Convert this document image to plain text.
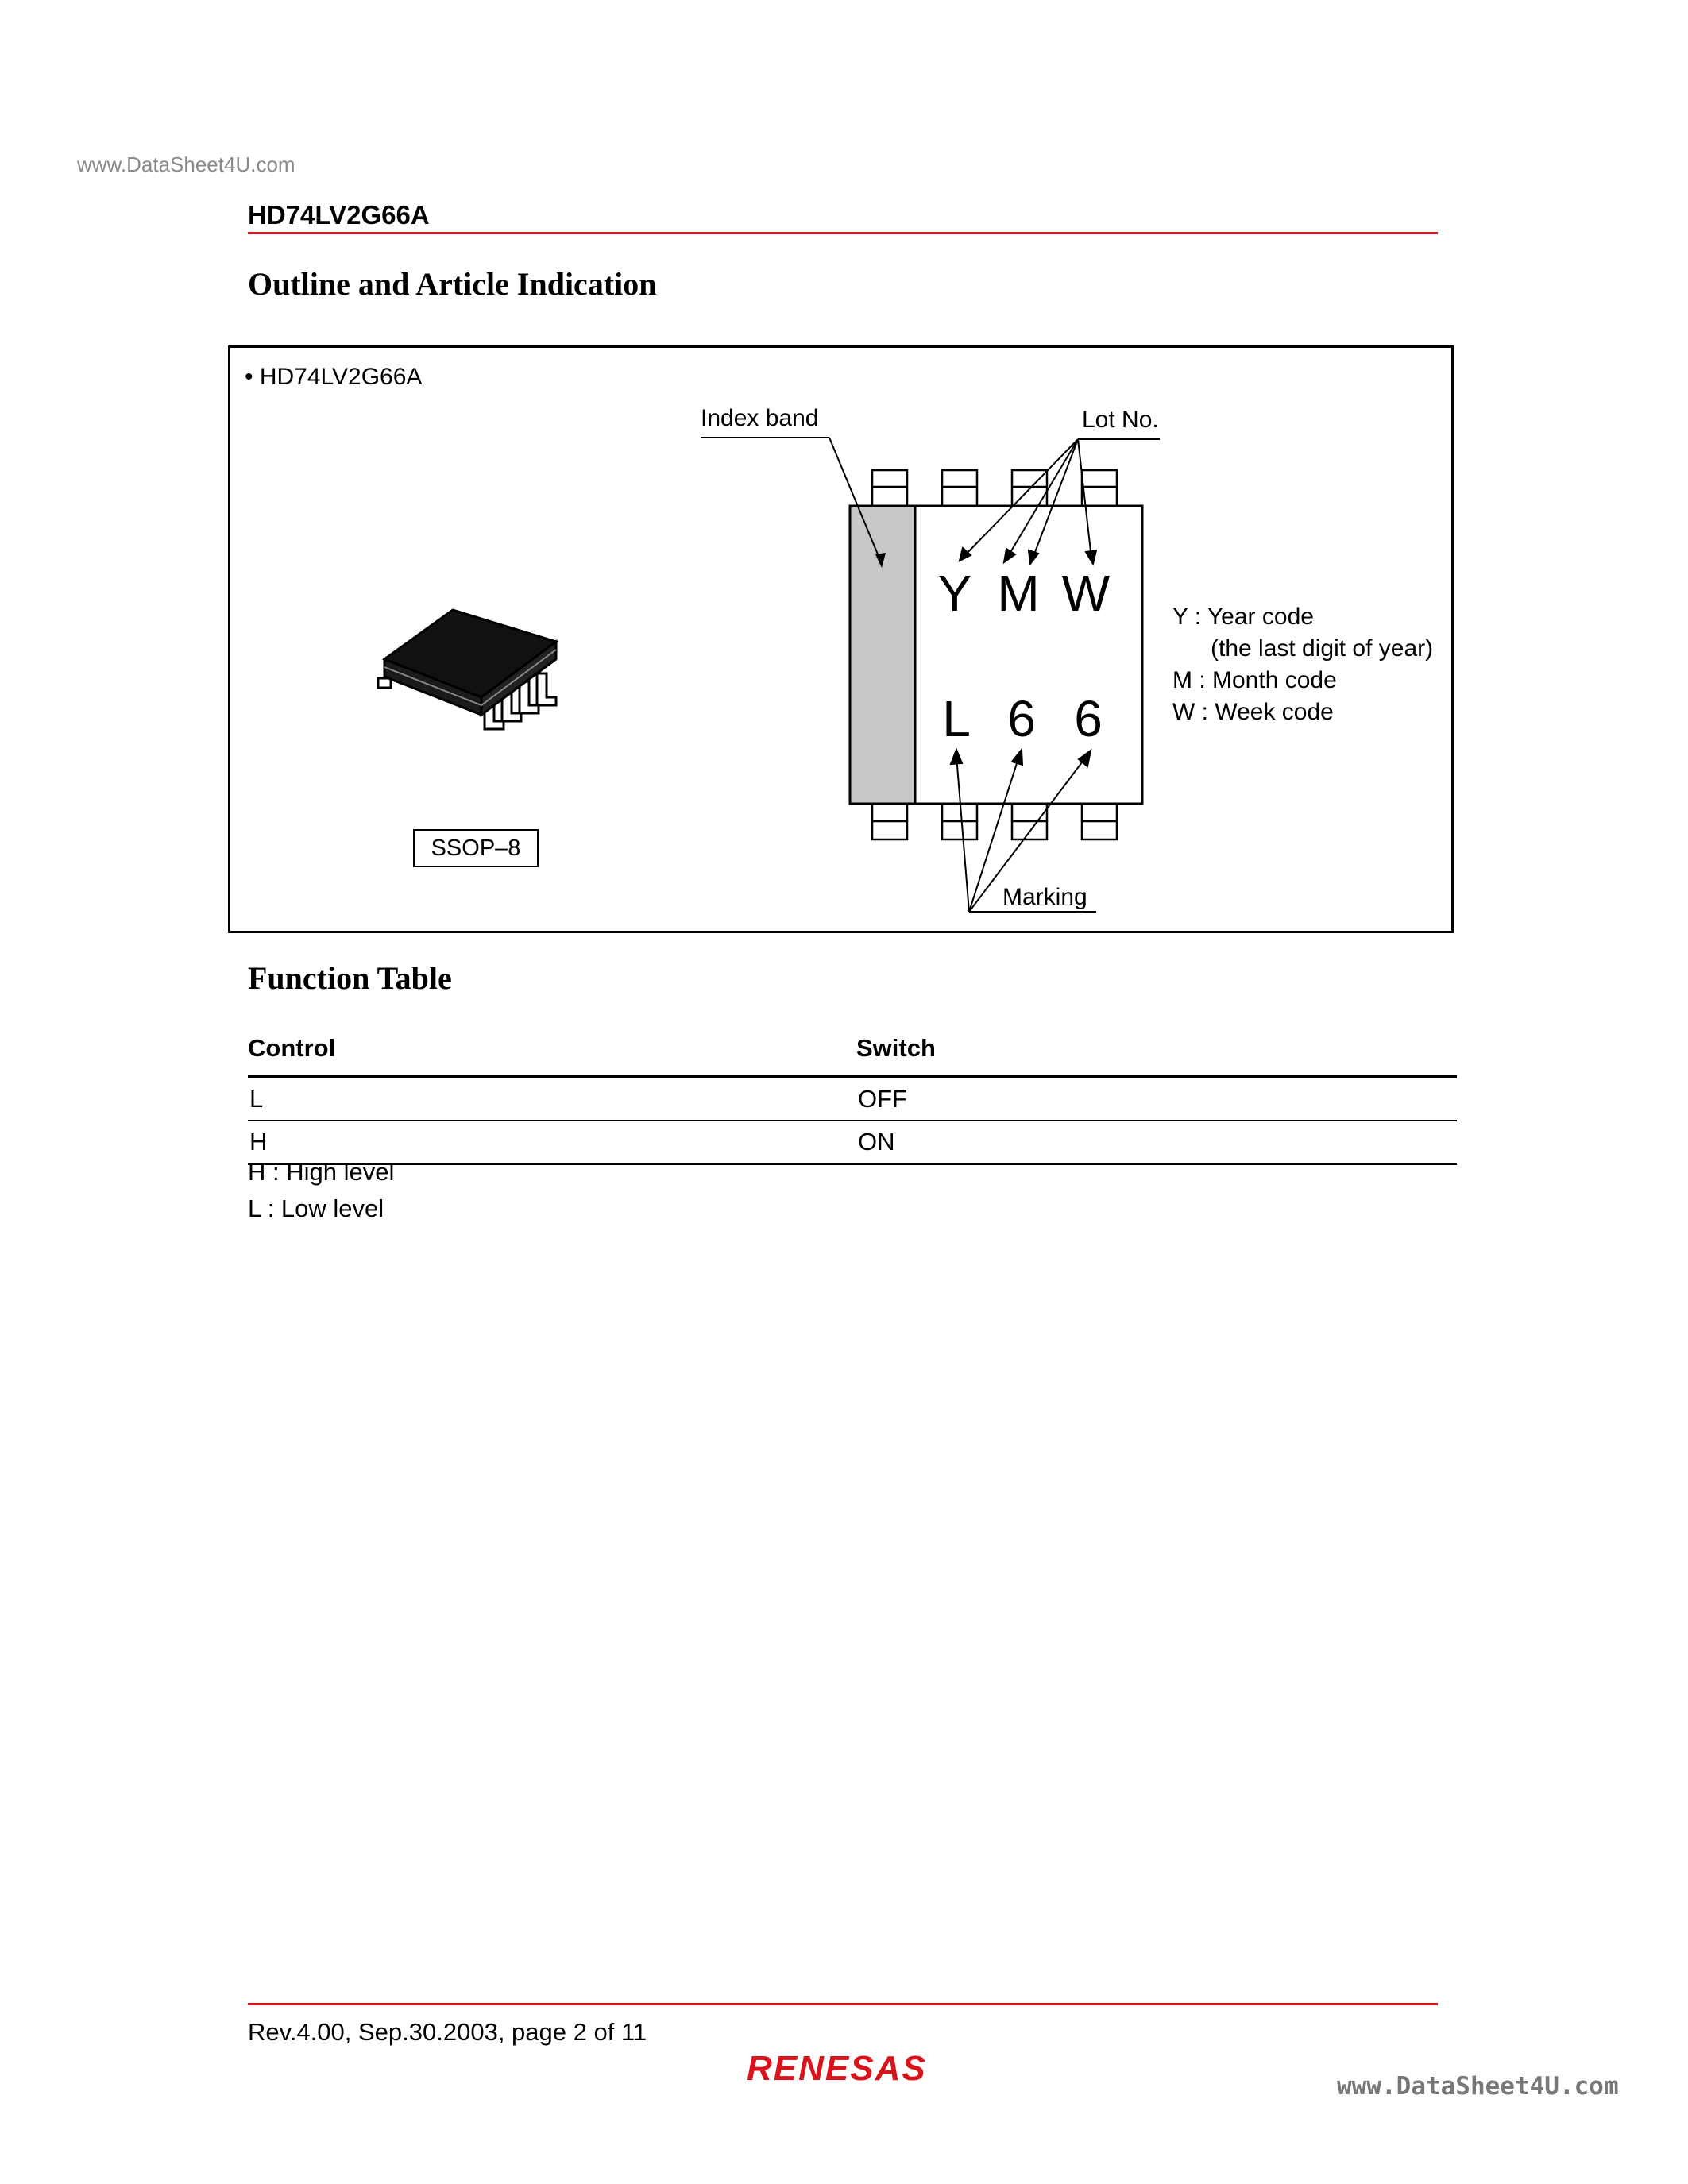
www.DataSheet4U.com
HD74LV2G66A
Outline and Article Indication
• HD74LV2G66A
SSOP–8
Index band	Lot No.
Marking
Y M W
L 6 6
Y : Year code
(the last digit of year)
M : Month code
W : Week code
Function Table
Control	Switch
L	OFF
H	ON
H : High level
L : Low level
Rev.4.00, Sep.30.2003, page 2 of 11
RENESAS	www.DataSheet4U.com
